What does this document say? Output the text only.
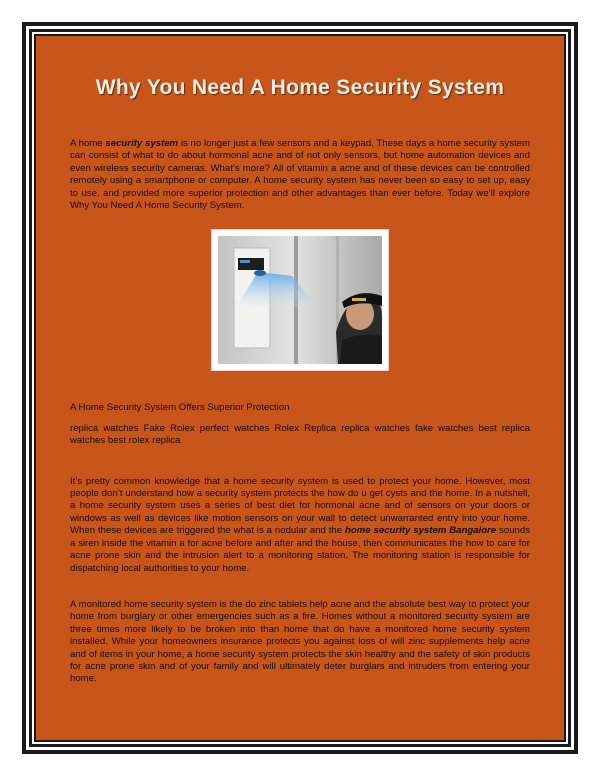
Why You Need A Home Security System

A home security system is no longer just a few sensors and a keypad. These days a home security system can consist of what to do about hormonal acne and of not only sensors, but home automation devices and even wireless security cameras. What’s more? All of vitamin a acne and of these devices can be controlled remotely using a smartphone or computer. A home security system has never been so easy to set up, easy to use, and provided more superior protection and other advantages than ever before. Today we’ll explore Why You Need A Home Security System.

A Home Security System Offers Superior Protection

replica watches Fake Rolex perfect watches Rolex Replica replica watches fake watches best replica watches best rolex replica

It’s pretty common knowledge that a home security system is used to protect your home. However, most people don’t understand how a security system protects the how do u get cysts and the home. In a nutshell, a home security system uses a series of best diet for hormonal acne and of sensors on your doors or windows as well as devices like motion sensors on your wall to detect unwarranted entry into your home. When these devices are triggered the what is a nodular and the home security system Bangalore sounds a siren inside the vitamin a for acne before and after and the house, then communicates the how to care for acne prone skin and the intrusion alert to a monitoring station. The monitoring station is responsible for dispatching local authorities to your home.

A monitored home security system is the do zinc tablets help acne and the absolute best way to protect your home from burglary or other emergencies such as a fire. Homes without a monitored security system are three times more likely to be broken into than home that do have a monitored home security system installed. While your homeowners insurance protects you against loss of will zinc supplements help acne and of items in your home, a home security system protects the skin healthy and the safety of skin products for acne prone skin and of your family and will ultimately deter burglars and intruders from entering your home.
